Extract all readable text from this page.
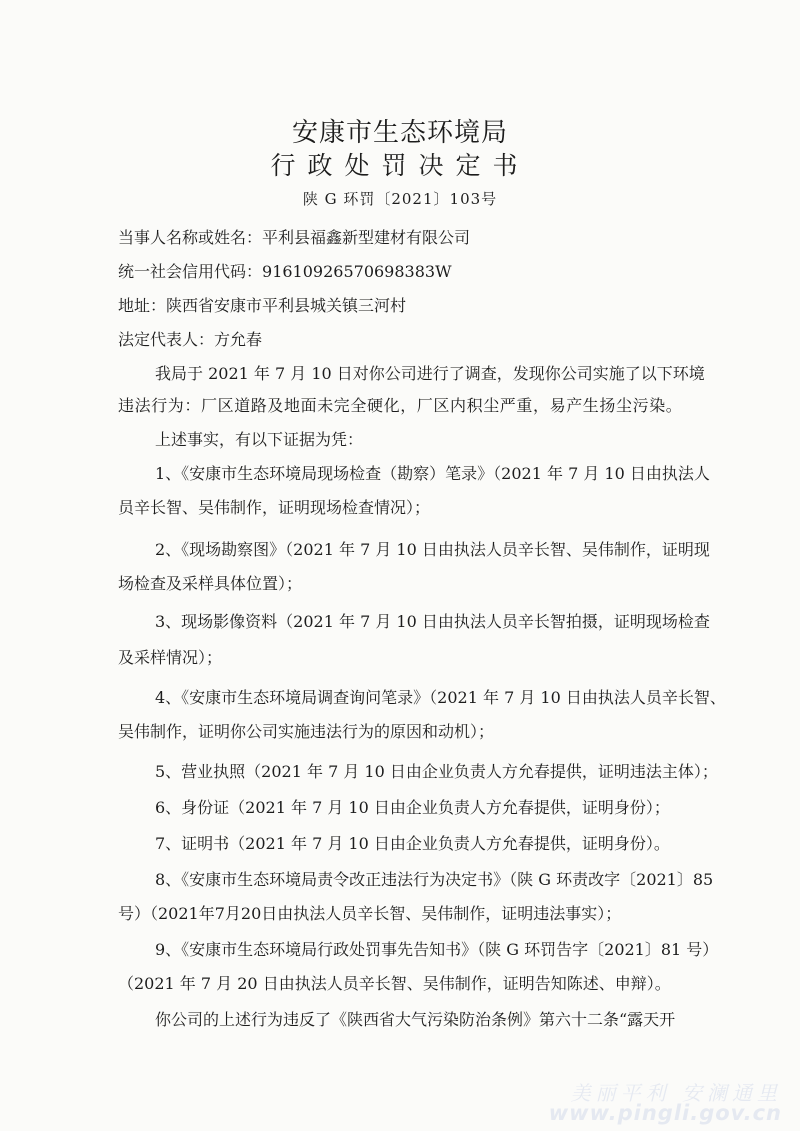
安康市生态环境局
行政处罚决定书
陕 G 环罚〔2021〕103号
当事人名称或姓名：平利县福鑫新型建材有限公司
统一社会信用代码：91610926570698383W
地址：陕西省安康市平利县城关镇三河村
法定代表人：方允春
我局于 2021 年 7 月 10 日对你公司进行了调查，发现你公司实施了以下环境
违法行为：厂区道路及地面未完全硬化，厂区内积尘严重，易产生扬尘污染。
上述事实，有以下证据为凭：
1、《安康市生态环境局现场检查（勘察）笔录》（2021 年 7 月 10 日由执法人
员辛长智、吴伟制作，证明现场检查情况）；
2、《现场勘察图》（2021 年 7 月 10 日由执法人员辛长智、吴伟制作，证明现
场检查及采样具体位置）；
3、现场影像资料（2021 年 7 月 10 日由执法人员辛长智拍摄，证明现场检查
及采样情况）；
4、《安康市生态环境局调查询问笔录》（2021 年 7 月 10 日由执法人员辛长智、
吴伟制作，证明你公司实施违法行为的原因和动机）；
5、营业执照（2021 年 7 月 10 日由企业负责人方允春提供，证明违法主体）；
6、身份证（2021 年 7 月 10 日由企业负责人方允春提供，证明身份）；
7、证明书（2021 年 7 月 10 日由企业负责人方允春提供，证明身份）。
8、《安康市生态环境局责令改正违法行为决定书》（陕 G 环责改字〔2021〕85
号）（2021年7月20日由执法人员辛长智、吴伟制作，证明违法事实）；
9、《安康市生态环境局行政处罚事先告知书》（陕 G 环罚告字〔2021〕81 号）
（2021 年 7 月 20 日由执法人员辛长智、吴伟制作，证明告知陈述、申辩）。
你公司的上述行为违反了《陕西省大气污染防治条例》第六十二条“露天开
美丽平利 安澜通里
www.pingli.gov.cn
